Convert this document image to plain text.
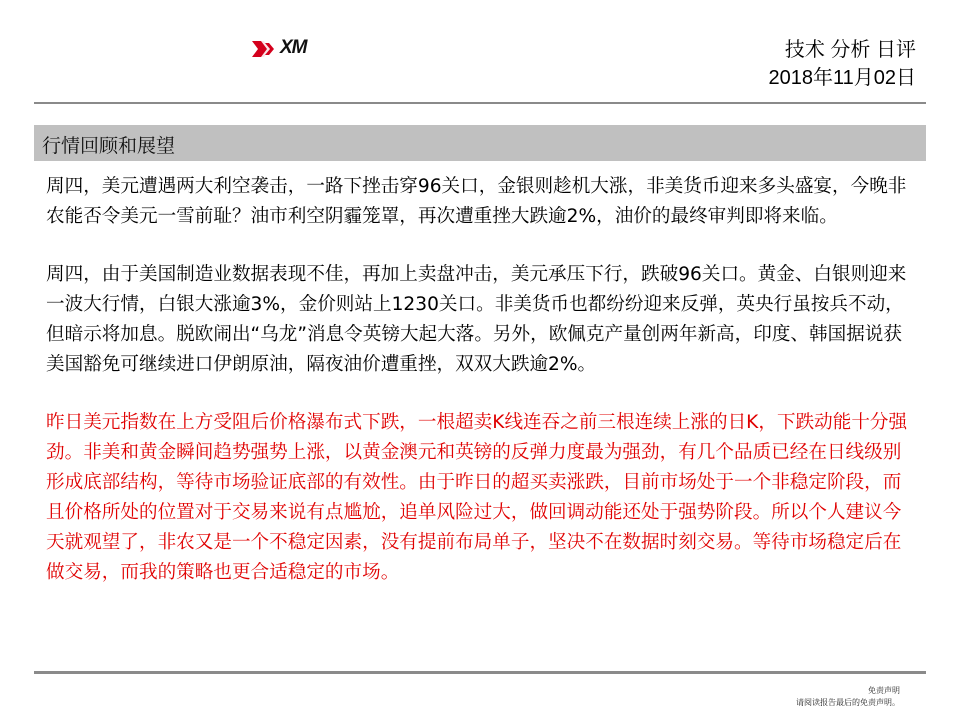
XM	技术 分析 日评
2018年11月02日
行情回顾和展望

周四，美元遭遇两大利空袭击，一路下挫击穿96关口，金银则趁机大涨，非美货币迎来多头盛宴，今晚非农能否令美元一雪前耻？油市利空阴霾笼罩，再次遭重挫大跌逾2%，油价的最终审判即将来临。

周四，由于美国制造业数据表现不佳，再加上卖盘冲击，美元承压下行，跌破96关口。黄金、白银则迎来一波大行情，白银大涨逾3%，金价则站上1230关口。非美货币也都纷纷迎来反弹，英央行虽按兵不动，但暗示将加息。脱欧闹出“乌龙”消息令英镑大起大落。另外，欧佩克产量创两年新高，印度、韩国据说获美国豁免可继续进口伊朗原油，隔夜油价遭重挫，双双大跌逾2%。

昨日美元指数在上方受阻后价格瀑布式下跌，一根超卖K线连吞之前三根连续上涨的日K，下跌动能十分强劲。非美和黄金瞬间趋势强势上涨，以黄金澳元和英镑的反弹力度最为强劲，有几个品质已经在日线级别形成底部结构，等待市场验证底部的有效性。由于昨日的超买卖涨跌，目前市场处于一个非稳定阶段，而且价格所处的位置对于交易来说有点尴尬，追单风险过大，做回调动能还处于强势阶段。所以个人建议今天就观望了，非农又是一个不稳定因素，没有提前布局单子，坚决不在数据时刻交易。等待市场稳定后在做交易，而我的策略也更合适稳定的市场。

免责声明
请阅读报告最后的免责声明。
